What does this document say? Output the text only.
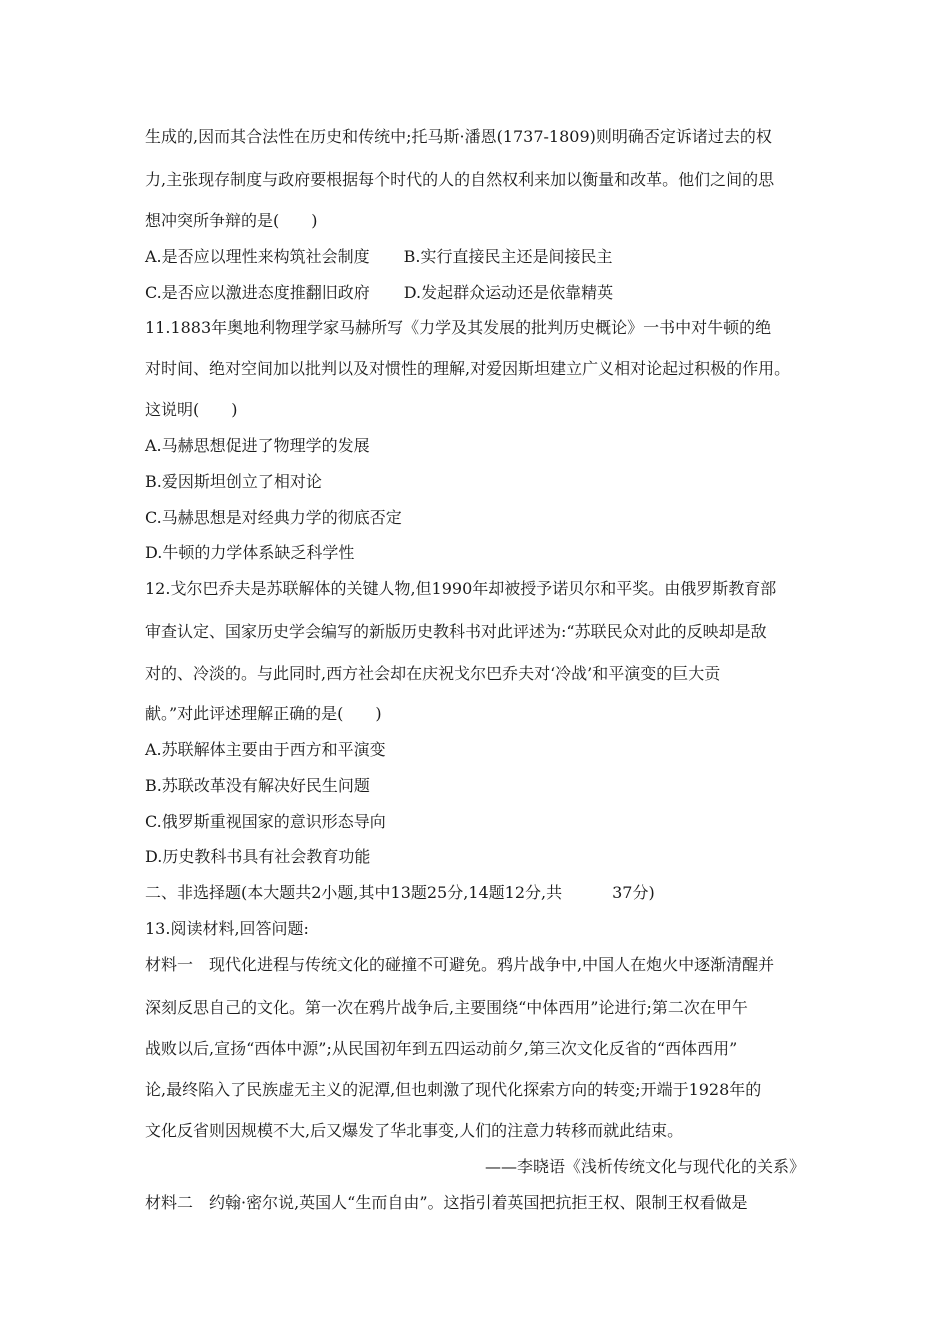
生成的,因而其合法性在历史和传统中;托马斯·潘恩(1737-1809)则明确否定诉诸过去的权
力,主张现存制度与政府要根据每个时代的人的自然权利来加以衡量和改革。他们之间的思
想冲突所争辩的是(　　)
A.是否应以理性来构筑社会制度 B.实行直接民主还是间接民主
C.是否应以激进态度推翻旧政府 D.发起群众运动还是依靠精英
11.1883年奥地利物理学家马赫所写《力学及其发展的批判历史概论》一书中对牛顿的绝
对时间、绝对空间加以批判以及对惯性的理解,对爱因斯坦建立广义相对论起过积极的作用。
这说明(　　)
A.马赫思想促进了物理学的发展
B.爱因斯坦创立了相对论
C.马赫思想是对经典力学的彻底否定
D.牛顿的力学体系缺乏科学性
12.戈尔巴乔夫是苏联解体的关键人物,但1990年却被授予诺贝尔和平奖。由俄罗斯教育部
审查认定、国家历史学会编写的新版历史教科书对此评述为:“苏联民众对此的反映却是敌
对的、冷淡的。与此同时,西方社会却在庆祝戈尔巴乔夫对‘冷战’和平演变的巨大贡
献。”对此评述理解正确的是(　　)
A.苏联解体主要由于西方和平演变
B.苏联改革没有解决好民生问题
C.俄罗斯重视国家的意识形态导向
D.历史教科书具有社会教育功能
二、非选择题(本大题共2小题,其中13题25分,14题12分,共	37分)
13.阅读材料,回答问题:
材料一 现代化进程与传统文化的碰撞不可避免。鸦片战争中,中国人在炮火中逐渐清醒并
深刻反思自己的文化。第一次在鸦片战争后,主要围绕“中体西用”论进行;第二次在甲午
战败以后,宣扬“西体中源”;从民国初年到五四运动前夕,第三次文化反省的“西体西用”
论,最终陷入了民族虚无主义的泥潭,但也刺激了现代化探索方向的转变;开端于1928年的
文化反省则因规模不大,后又爆发了华北事变,人们的注意力转移而就此结束。
——李晓语《浅析传统文化与现代化的关系》
材料二 约翰·密尔说,英国人“生而自由”。这指引着英国把抗拒王权、限制王权看做是
